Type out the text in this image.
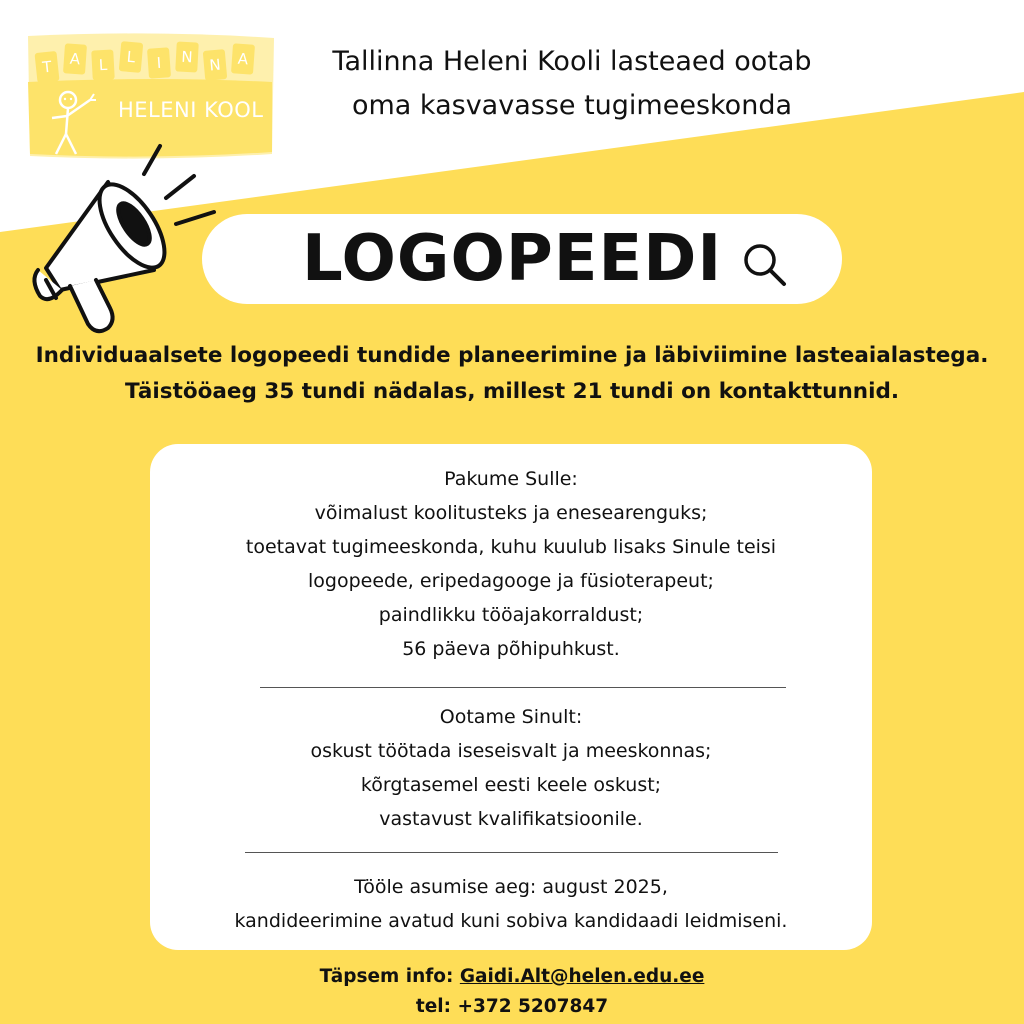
T	A	L	L	I	N	N	A
HELENI KOOL
Tallinna Heleni Kooli lasteaed ootab
oma kasvavasse tugimeeskonda
LOGOPEEDI
Individuaalsete logopeedi tundide planeerimine ja läbiviimine lasteaialastega.
Täistööaeg 35 tundi nädalas, millest 21 tundi on kontakttunnid.
Pakume Sulle:
võimalust koolitusteks ja enesearenguks;
toetavat tugimeeskonda, kuhu kuulub lisaks Sinule teisi
logopeede, eripedagooge ja füsioterapeut;
paindlikku tööajakorraldust;
56 päeva põhipuhkust.
Ootame Sinult:
oskust töötada iseseisvalt ja meeskonnas;
kõrgtasemel eesti keele oskust;
vastavust kvalifikatsioonile.
Tööle asumise aeg: august 2025,
kandideerimine avatud kuni sobiva kandidaadi leidmiseni.
Täpsem info: Gaidi.Alt@helen.edu.ee
tel: +372 5207847
